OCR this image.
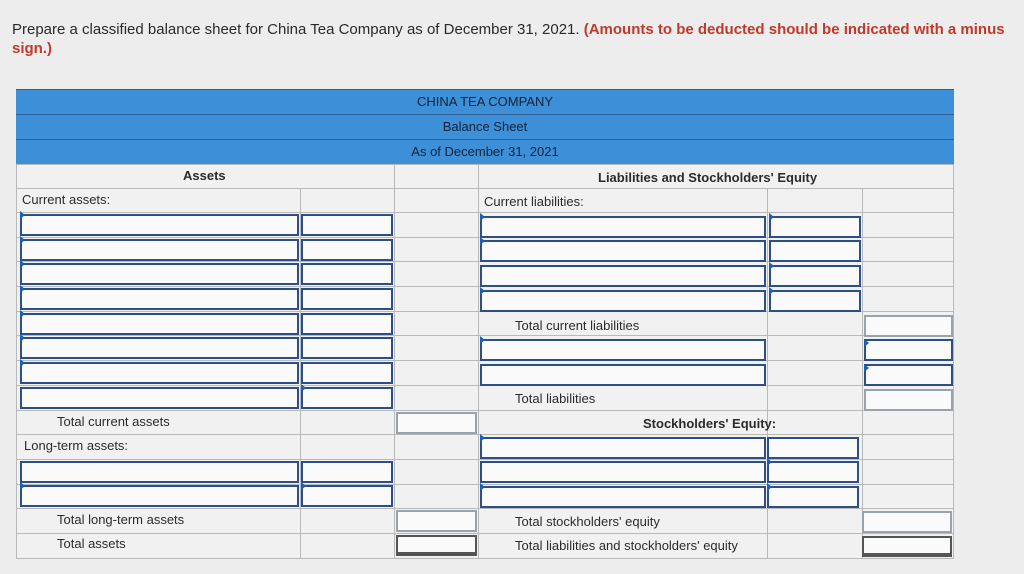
Prepare a classified balance sheet for China Tea Company as of December 31, 2021. (Amounts to be deducted should be indicated with a minus sign.)
CHINA TEA COMPANY
Balance Sheet
As of December 31, 2021
Assets	Liabilities and Stockholders' Equity
Current assets:
Total current assets
Long-term assets:
Total long-term assets
Total assets
Current liabilities:
Total current liabilities
Total liabilities
Stockholders' Equity:
Total stockholders' equity
Total liabilities and stockholders' equity
